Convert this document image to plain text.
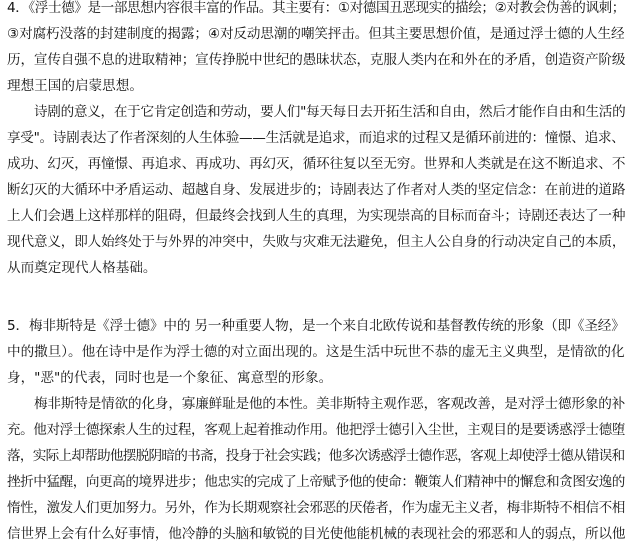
4．《浮士德》是一部思想内容很丰富的作品。其主要有：①对德国丑恶现实的描绘；②对教会伪善的讽刺；
③对腐朽没落的封建制度的揭露；④对反动思潮的嘲笑抨击。但其主要思想价值，是通过浮士德的人生经
历，宣传自强不息的进取精神；宣传挣脱中世纪的愚昧状态，克服人类内在和外在的矛盾，创造资产阶级
理想王国的启蒙思想。
诗剧的意义，在于它肯定创造和劳动，要人们"每天每日去开拓生活和自由，然后才能作自由和生活的
享受"。诗剧表达了作者深刻的人生体验——生活就是追求，而追求的过程又是循环前进的：憧憬、追求、
成功、幻灭，再憧憬、再追求、再成功、再幻灭，循环往复以至无穷。世界和人类就是在这不断追求、不
断幻灭的大循环中矛盾运动、超越自身、发展进步的；诗剧表达了作者对人类的坚定信念：在前进的道路
上人们会遇上这样那样的阻碍，但最终会找到人生的真理，为实现崇高的目标而奋斗；诗剧还表达了一种
现代意义，即人始终处于与外界的冲突中，失败与灾难无法避免，但主人公自身的行动决定自己的本质，
从而奠定现代人格基础。
5．梅非斯特是《浮士德》中的 另一种重要人物，是一个来自北欧传说和基督教传统的形象（即《圣经》
中的撒旦）。他在诗中是作为浮士德的对立面出现的。这是生活中玩世不恭的虚无主义典型，是情欲的化
身，"恶"的代表，同时也是一个象征、寓意型的形象。
梅非斯特是情欲的化身，寡廉鲜耻是他的本性。美非斯特主观作恶，客观改善，是对浮士德形象的补
充。他对浮士德探索人生的过程，客观上起着推动作用。他把浮士德引入尘世，主观目的是要诱惑浮士德堕
落，实际上却帮助他摆脱阴暗的书斋，投身于社会实践；他多次诱惑浮士德作恶，客观上却使浮士德从错误和
挫折中猛醒，向更高的境界进步；他忠实的完成了上帝赋予他的使命：鞭策人们精神中的懈怠和贪图安逸的
惰性，激发人们更加努力。另外，作为长期观察社会邪恶的厌倦者，作为虚无主义者，梅非斯特不相信不相
信世界上会有什么好事情，他冷静的头脑和敏锐的目光使他能机械的表现社会的邪恶和人的弱点，所以他
